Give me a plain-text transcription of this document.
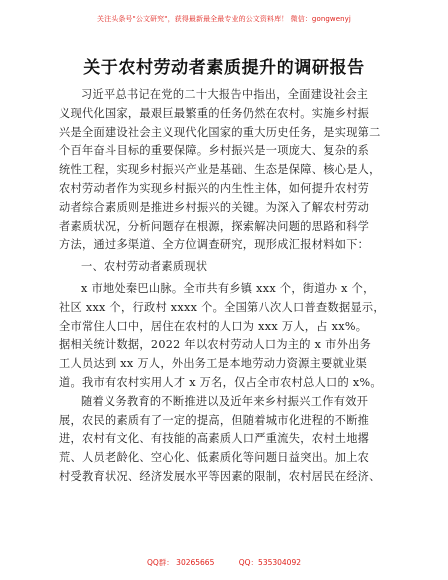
关注头条号"公文研究"，获得最新最全最专业的公文资料库！ 微信：gongwenyj
关于农村劳动者素质提升的调研报告
习近平总书记在党的二十大报告中指出，全面建设社会主
义现代化国家，最艰巨最繁重的任务仍然在农村。实施乡村振
兴是全面建设社会主义现代化国家的重大历史任务，是实现第二
个百年奋斗目标的重要保障。乡村振兴是一项庞大、复杂的系
统性工程，实现乡村振兴产业是基础、生态是保障、核心是人，
农村劳动者作为实现乡村振兴的内生性主体，如何提升农村劳
动者综合素质则是推进乡村振兴的关键。为深入了解农村劳动
者素质状况，分析问题存在根源，探索解决问题的思路和科学
方法，通过多渠道、全方位调查研究，现形成汇报材料如下：
一、农村劳动者素质现状
x 市地处秦巴山脉。全市共有乡镇 xxx 个，街道办 x 个，
社区 xxx 个，行政村 xxxx 个。全国第八次人口普查数据显示，
全市常住人口中，居住在农村的人口为 xxx 万人，占 xx%。
据相关统计数据，2022 年以农村劳动人口为主的 x 市外出务
工人员达到 xx 万人，外出务工是本地劳动力资源主要就业渠
道。我市有农村实用人才 x 万名，仅占全市农村总人口的 x%。
随着义务教育的不断推进以及近年来乡村振兴工作有效开
展，农民的素质有了一定的提高，但随着城市化进程的不断推
进，农村有文化、有技能的高素质人口严重流失，农村土地撂
荒、人员老龄化、空心化、低素质化等问题日益突出。加上农
村受教育状况、经济发展水平等因素的限制，农村居民在经济、
QQ群： 30265665	QQ：535304092
